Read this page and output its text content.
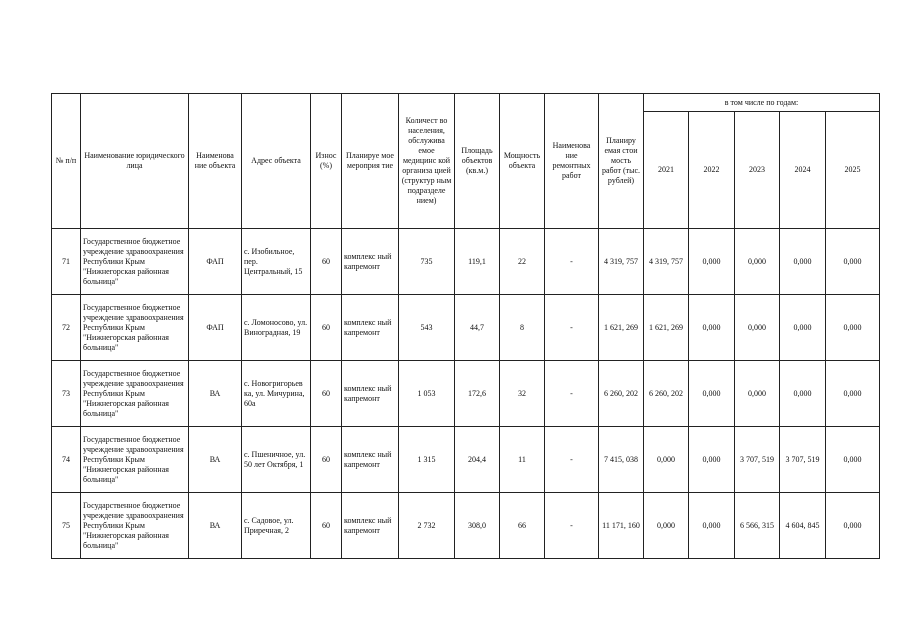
№ п/п	Наименование юридического лица	Наименова ние объекта	Адрес объекта	Износ (%)	Планируе мое мероприя тие	Количест во населения, обслужива емое медицинс кой организа цией (структур ным подразделе нием)	Площадь объектов (кв.м.)	Мощность объекта	Наименова ние ремонтных работ	Планиру емая стои мость работ (тыс. рублей)	в том числе по годам:				
											2021	2022	2023	2024	2025
71	Государственное бюджетное учреждение здравоохранения Республики Крым "Нижнегорская районная больница"	ФАП	с. Изобильное, пер. Центральный, 15	60	комплекс ный капремонт	735	119,1	22	-	4 319, 757	4 319, 757	0,000	0,000	0,000	0,000
72	Государственное бюджетное учреждение здравоохранения Республики Крым "Нижнегорская районная больница"	ФАП	с. Ломоносово, ул. Виноградная, 19	60	комплекс ный капремонт	543	44,7	8	-	1 621, 269	1 621, 269	0,000	0,000	0,000	0,000
73	Государственное бюджетное учреждение здравоохранения Республики Крым "Нижнегорская районная больница"	ВА	с. Новогригорьев ка, ул. Мичурина, 60а	60	комплекс ный капремонт	1 053	172,6	32	-	6 260, 202	6 260, 202	0,000	0,000	0,000	0,000
74	Государственное бюджетное учреждение здравоохранения Республики Крым "Нижнегорская районная больница"	ВА	с. Пшеничное, ул. 50 лет Октября, 1	60	комплекс ный капремонт	1 315	204,4	11	-	7 415, 038	0,000	0,000	3 707, 519	3 707, 519	0,000
75	Государственное бюджетное учреждение здравоохранения Республики Крым "Нижнегорская районная больница"	ВА	с. Садовое, ул. Приречная, 2	60	комплекс ный капремонт	2 732	308,0	66	-	11 171, 160	0,000	0,000	6 566, 315	4 604, 845	0,000
